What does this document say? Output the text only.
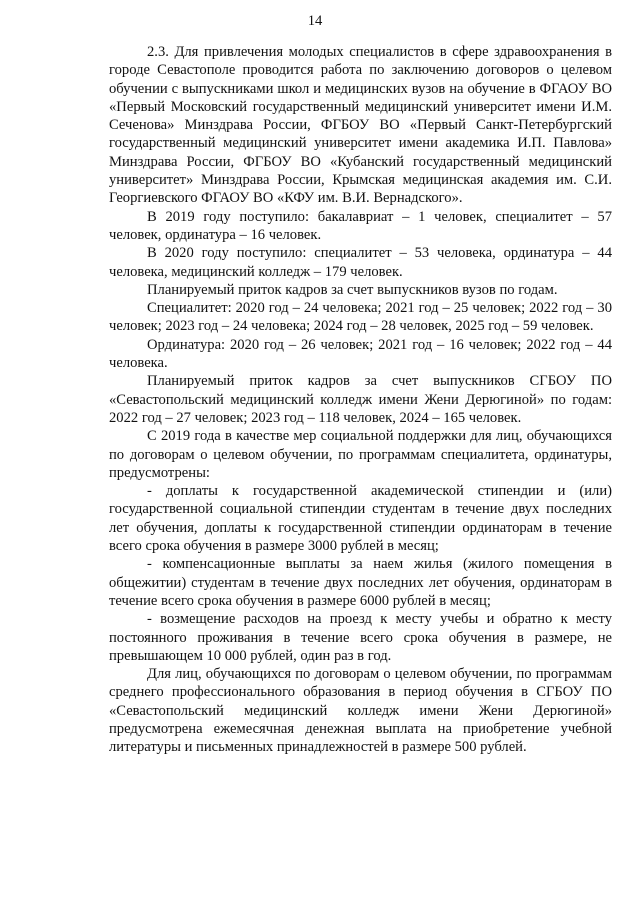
14

2.3. Для привлечения молодых специалистов в сфере здравоохранения в городе Севастополе проводится работа по заключению договоров о целевом обучении с выпускниками школ и медицинских вузов на обучение в ФГАОУ ВО «Первый Московский государственный медицинский университет имени И.М. Сеченова» Минздрава России, ФГБОУ ВО «Первый Санкт-Петербургский государственный медицинский университет имени академика И.П. Павлова» Минздрава России, ФГБОУ ВО «Кубанский государственный медицинский университет» Минздрава России, Крымская медицинская академия им. С.И. Георгиевского ФГАОУ ВО «КФУ им. В.И. Вернадского».

В 2019 году поступило: бакалавриат – 1 человек, специалитет – 57 человек, ординатура – 16 человек.

В 2020 году поступило: специалитет – 53 человека, ординатура – 44 человека, медицинский колледж – 179 человек.

Планируемый приток кадров за счет выпускников вузов по годам.

Специалитет: 2020 год – 24 человека; 2021 год – 25 человек; 2022 год – 30 человек; 2023 год – 24 человека; 2024 год – 28 человек, 2025 год – 59 человек.

Ординатура: 2020 год – 26 человек; 2021 год – 16 человек; 2022 год – 44 человека.

Планируемый приток кадров за счет выпускников СГБОУ ПО «Севастопольский медицинский колледж имени Жени Дерюгиной» по годам: 2022 год – 27 человек; 2023 год – 118 человек, 2024 – 165 человек.

С 2019 года в качестве мер социальной поддержки для лиц, обучающихся по договорам о целевом обучении, по программам специалитета, ординатуры, предусмотрены:

- доплаты к государственной академической стипендии и (или) государственной социальной стипендии студентам в течение двух последних лет обучения, доплаты к государственной стипендии ординаторам в течение всего срока обучения в размере 3000 рублей в месяц;

- компенсационные выплаты за наем жилья (жилого помещения в общежитии) студентам в течение двух последних лет обучения, ординаторам в течение всего срока обучения в размере 6000 рублей в месяц;

- возмещение расходов на проезд к месту учебы и обратно к месту постоянного проживания в течение всего срока обучения в размере, не превышающем 10 000 рублей, один раз в год.

Для лиц, обучающихся по договорам о целевом обучении, по программам среднего профессионального образования в период обучения в СГБОУ ПО «Севастопольский медицинский колледж имени Жени Дерюгиной» предусмотрена ежемесячная денежная выплата на приобретение учебной литературы и письменных принадлежностей в размере 500 рублей.
